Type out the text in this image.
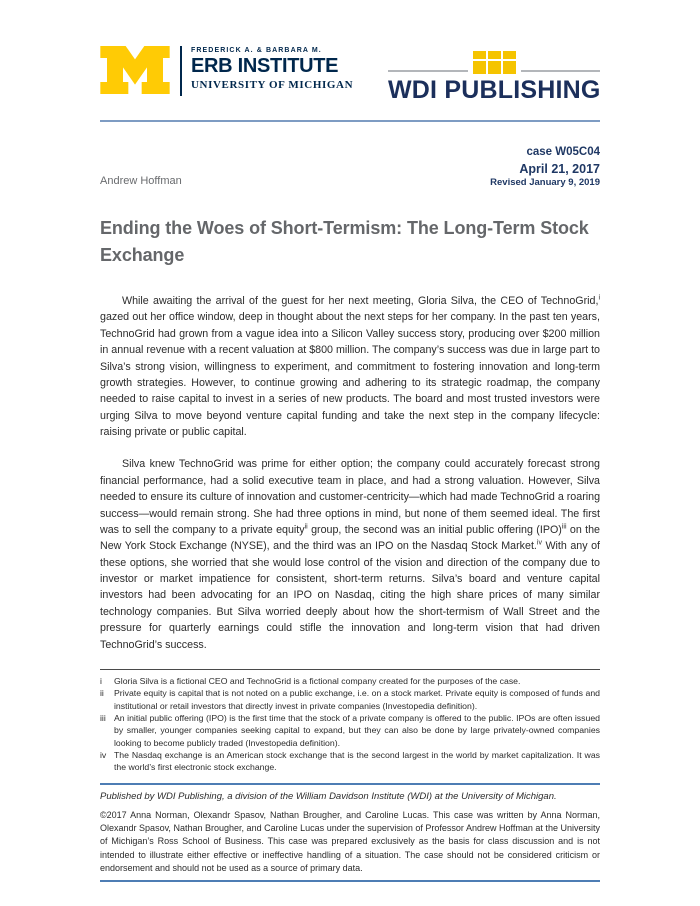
FREDERICK A. & BARBARA M.
ERB INSTITUTE
UNIVERSITY OF MICHIGAN WDI PUBLISHING
Andrew Hoffman
case W05C04
April 21, 2017
Revised January 9, 2019
Ending the Woes of Short-Termism: The Long-Term Stock Exchange

While awaiting the arrival of the guest for her next meeting, Gloria Silva, the CEO of TechnoGrid,$^i$ gazed out her office window, deep in thought about the next steps for her company. In the past ten years, TechnoGrid had grown from a vague idea into a Silicon Valley success story, producing over $200 million in annual revenue with a recent valuation at $800 million. The company’s success was due in large part to Silva’s strong vision, willingness to experiment, and commitment to fostering innovation and long-term growth strategies. However, to continue growing and adhering to its strategic roadmap, the company needed to raise capital to invest in a series of new products. The board and most trusted investors were urging Silva to move beyond venture capital funding and take the next step in the company lifecycle: raising private or public capital.

Silva knew TechnoGrid was prime for either option; the company could accurately forecast strong financial performance, had a solid executive team in place, and had a strong valuation. However, Silva needed to ensure its culture of innovation and customer-centricity—which had made TechnoGrid a roaring success—would remain strong. She had three options in mind, but none of them seemed ideal. The first was to sell the company to a private equity$^{ii}$ group, the second was an initial public offering (IPO)$^{iii}$ on the New York Stock Exchange (NYSE), and the third was an IPO on the Nasdaq Stock Market.$^{iv}$ With any of these options, she worried that she would lose control of the vision and direction of the company due to investor or market impatience for consistent, short-term returns. Silva’s board and venture capital investors had been advocating for an IPO on Nasdaq, citing the high share prices of many similar technology companies. But Silva worried deeply about how the short-termism of Wall Street and the pressure for quarterly earnings could stifle the innovation and long-term vision that had driven TechnoGrid’s success.

i	Gloria Silva is a fictional CEO and TechnoGrid is a fictional company created for the purposes of the case.
ii	Private equity is capital that is not noted on a public exchange, i.e. on a stock market. Private equity is composed of funds and institutional or retail investors that directly invest in private companies (Investopedia definition).
iii An initial public offering (IPO) is the first time that the stock of a private company is offered to the public. IPOs are often issued by smaller, younger companies seeking capital to expand, but they can also be done by large privately-owned companies looking to become publicly traded (Investopedia definition).
iv The Nasdaq exchange is an American stock exchange that is the second largest in the world by market capitalization. It was the world’s first electronic stock exchange.
Published by WDI Publishing, a division of the William Davidson Institute (WDI) at the University of Michigan.
©2017 Anna Norman, Olexandr Spasov, Nathan Brougher, and Caroline Lucas. This case was written by Anna Norman, Olexandr Spasov, Nathan Brougher, and Caroline Lucas under the supervision of Professor Andrew Hoffman at the University of Michigan’s Ross School of Business. This case was prepared exclusively as the basis for class discussion and is not intended to illustrate either effective or ineffective handling of a situation. The case should not be considered criticism or endorsement and should not be used as a source of primary data.
